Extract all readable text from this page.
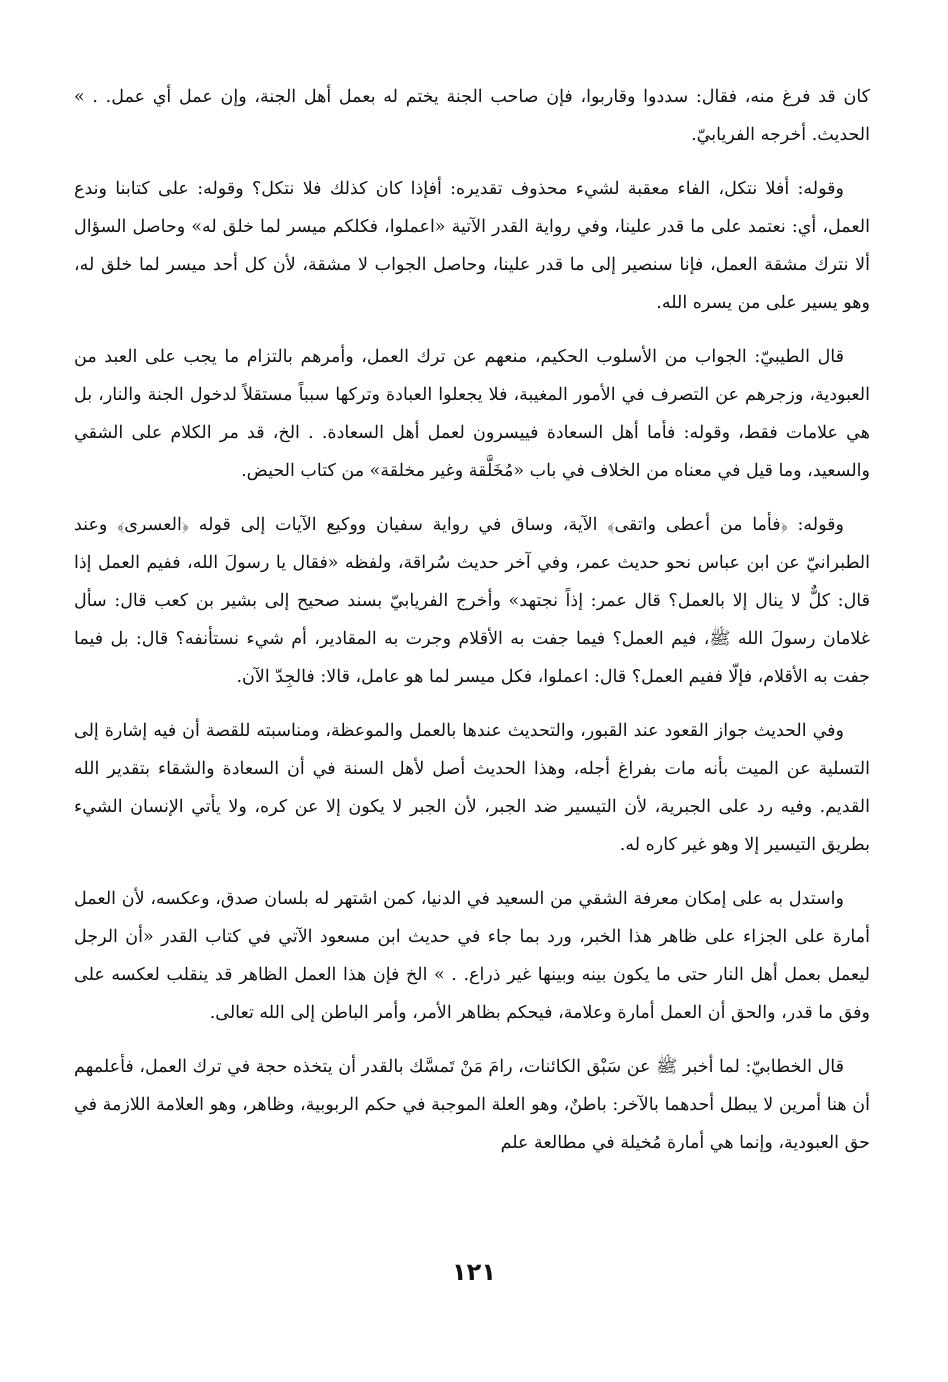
كان قد فرغ منه، فقال: سددوا وقاربوا، فإن صاحب الجنة يختم له بعمل أهل الجنة، وإن عمل أي عمل. . » الحديث. أخرجه الفريابيّ.

وقوله: أفلا نتكل، الفاء معقبة لشيء محذوف تقديره: أفإذا كان كذلك فلا نتكل؟ وقوله: على كتابنا وندع العمل، أي: نعتمد على ما قدر علينا، وفي رواية القدر الآتية «اعملوا، فكلكم ميسر لما خلق له» وحاصل السؤال ألا نترك مشقة العمل، فإنا سنصير إلى ما قدر علينا، وحاصل الجواب لا مشقة، لأن كل أحد ميسر لما خلق له، وهو يسير على من يسره الله.

قال الطيبيّ: الجواب من الأسلوب الحكيم، منعهم عن ترك العمل، وأمرهم بالتزام ما يجب على العبد من العبودية، وزجرهم عن التصرف في الأمور المغيبة، فلا يجعلوا العبادة وتركها سبباً مستقلاً لدخول الجنة والنار، بل هي علامات فقط، وقوله: فأما أهل السعادة فييسرون لعمل أهل السعادة. . الخ، قد مر الكلام على الشقي والسعيد، وما قيل في معناه من الخلاف في باب «مُخَلَّقة وغير مخلقة» من كتاب الحيض.

وقوله: ﴿فأما من أعطى واتقى﴾ الآية، وساق في رواية سفيان ووكيع الآيات إلى قوله ﴿العسرى﴾ وعند الطبرانيّ عن ابن عباس نحو حديث عمر، وفي آخر حديث سُراقة، ولفظه «فقال يا رسولَ الله، ففيم العمل إذا قال: كلٌّ لا ينال إلا بالعمل؟ قال عمر: إذاً نجتهد» وأخرج الفريابيّ بسند صحيح إلى بشير بن كعب قال: سأل غلامان رسولَ الله ﷺ، فيم العمل؟ فيما جفت به الأقلام وجرت به المقادير، أم شيء نستأنفه؟ قال: بل فيما جفت به الأقلام، فإلّا ففيم العمل؟ قال: اعملوا، فكل ميسر لما هو عامل، قالا: فالجِدّ الآن.

وفي الحديث جواز القعود عند القبور، والتحديث عندها بالعمل والموعظة، ومناسبته للقصة أن فيه إشارة إلى التسلية عن الميت بأنه مات بفراغ أجله، وهذا الحديث أصل لأهل السنة في أن السعادة والشقاء بتقدير الله القديم. وفيه رد على الجبرية، لأن التيسير ضد الجبر، لأن الجبر لا يكون إلا عن كره، ولا يأتي الإنسان الشيء بطريق التيسير إلا وهو غير كاره له.

واستدل به على إمكان معرفة الشقي من السعيد في الدنيا، كمن اشتهر له بلسان صدق، وعكسه، لأن العمل أمارة على الجزاء على ظاهر هذا الخبر، ورد بما جاء في حديث ابن مسعود الآتي في كتاب القدر «أن الرجل ليعمل بعمل أهل النار حتى ما يكون بينه وبينها غير ذراع. . » الخ فإن هذا العمل الظاهر قد ينقلب لعكسه على وفق ما قدر، والحق أن العمل أمارة وعلامة، فيحكم بظاهر الأمر، وأمر الباطن إلى الله تعالى.

قال الخطابيّ: لما أخبر ﷺ عن سَبْق الكائنات، رامَ مَنْ تَمسَّك بالقدر أن يتخذه حجة في ترك العمل، فأعلمهم أن هنا أمرين لا يبطل أحدهما بالآخر: باطنٌ، وهو العلة الموجبة في حكم الربوبية، وظاهر، وهو العلامة اللازمة في حق العبودية، وإنما هي أمارة مُخيلة في مطالعة علم

١٢١
